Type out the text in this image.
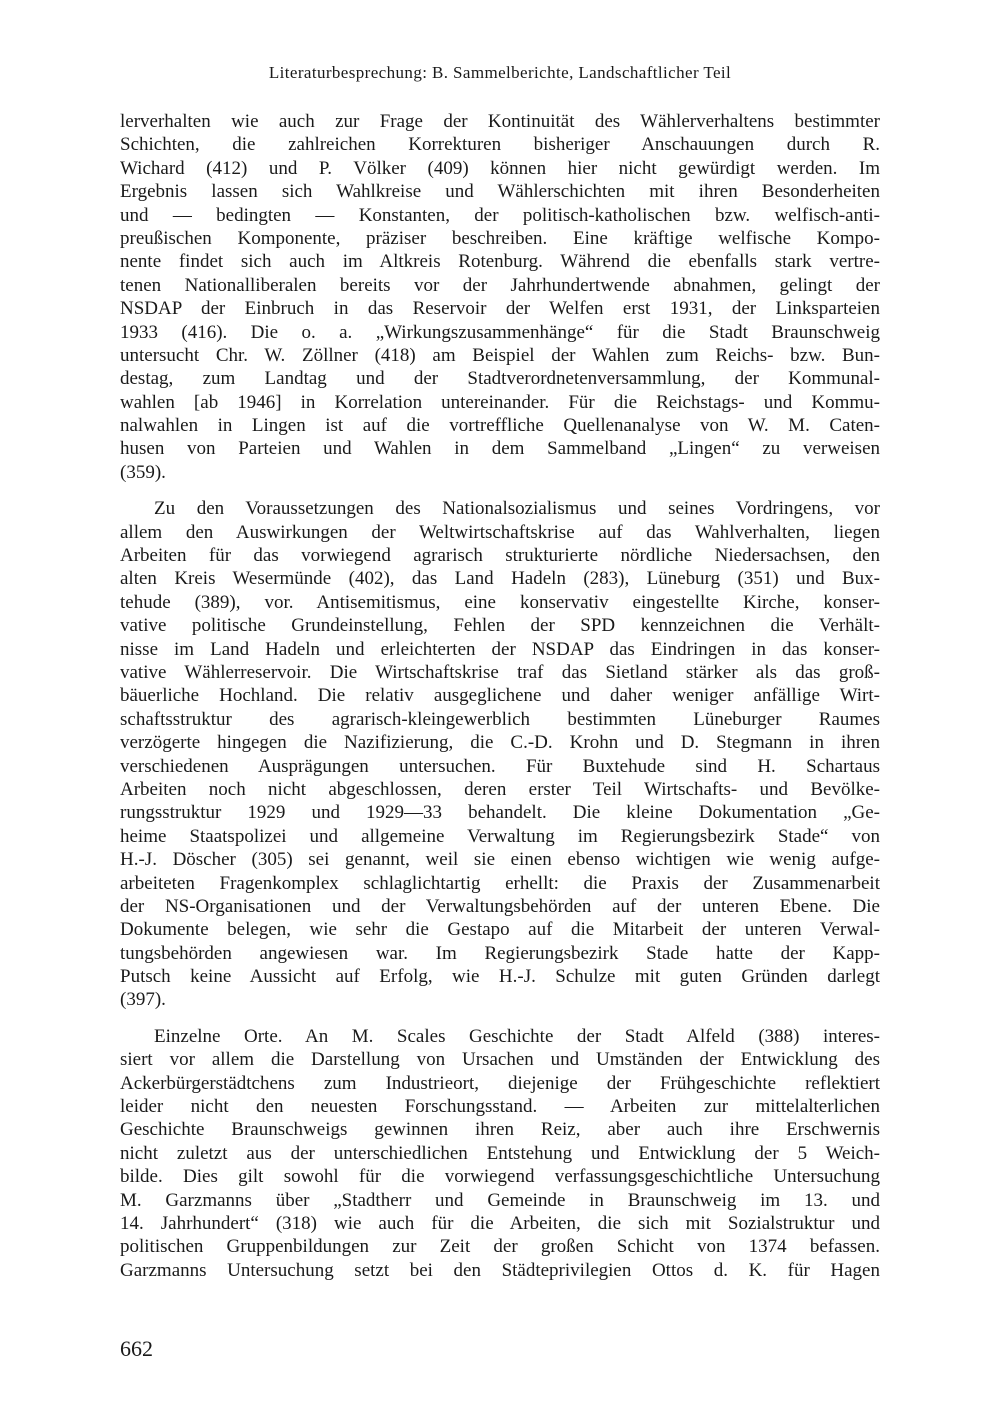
Literaturbesprechung: B. Sammelberichte, Landschaftlicher Teil

lerverhalten wie auch zur Frage der Kontinuität des Wählerverhaltens bestimmter
Schichten, die zahlreichen Korrekturen bisheriger Anschauungen durch R.
Wichard (412) und P. Völker (409) können hier nicht gewürdigt werden. Im
Ergebnis lassen sich Wahlkreise und Wählerschichten mit ihren Besonderheiten
und — bedingten — Konstanten, der politisch-katholischen bzw. welfisch-anti-
preußischen Komponente, präziser beschreiben. Eine kräftige welfische Kompo-
nente findet sich auch im Altkreis Rotenburg. Während die ebenfalls stark vertre-
tenen Nationalliberalen bereits vor der Jahrhundertwende abnahmen, gelingt der
NSDAP der Einbruch in das Reservoir der Welfen erst 1931, der Linksparteien
1933 (416). Die o. a. „Wirkungszusammenhänge“ für die Stadt Braunschweig
untersucht Chr. W. Zöllner (418) am Beispiel der Wahlen zum Reichs- bzw. Bun-
destag, zum Landtag und der Stadtverordnetenversammlung, der Kommunal-
wahlen [ab 1946] in Korrelation untereinander. Für die Reichstags- und Kommu-
nalwahlen in Lingen ist auf die vortreffliche Quellenanalyse von W. M. Caten-
husen von Parteien und Wahlen in dem Sammelband „Lingen“ zu verweisen
(359).

Zu den Voraussetzungen des Nationalsozialismus und seines Vordringens, vor
allem den Auswirkungen der Weltwirtschaftskrise auf das Wahlverhalten, liegen
Arbeiten für das vorwiegend agrarisch strukturierte nördliche Niedersachsen, den
alten Kreis Wesermünde (402), das Land Hadeln (283), Lüneburg (351) und Bux-
tehude (389), vor. Antisemitismus, eine konservativ eingestellte Kirche, konser-
vative politische Grundeinstellung, Fehlen der SPD kennzeichnen die Verhält-
nisse im Land Hadeln und erleichterten der NSDAP das Eindringen in das konser-
vative Wählerreservoir. Die Wirtschaftskrise traf das Sietland stärker als das groß-
bäuerliche Hochland. Die relativ ausgeglichene und daher weniger anfällige Wirt-
schaftsstruktur des agrarisch-kleingewerblich bestimmten Lüneburger Raumes
verzögerte hingegen die Nazifizierung, die C.-D. Krohn und D. Stegmann in ihren
verschiedenen Ausprägungen untersuchen. Für Buxtehude sind H. Schartaus
Arbeiten noch nicht abgeschlossen, deren erster Teil Wirtschafts- und Bevölke-
rungsstruktur 1929 und 1929—33 behandelt. Die kleine Dokumentation „Ge-
heime Staatspolizei und allgemeine Verwaltung im Regierungsbezirk Stade“ von
H.-J. Döscher (305) sei genannt, weil sie einen ebenso wichtigen wie wenig aufge-
arbeiteten Fragenkomplex schlaglichtartig erhellt: die Praxis der Zusammenarbeit
der NS-Organisationen und der Verwaltungsbehörden auf der unteren Ebene. Die
Dokumente belegen, wie sehr die Gestapo auf die Mitarbeit der unteren Verwal-
tungsbehörden angewiesen war. Im Regierungsbezirk Stade hatte der Kapp-
Putsch keine Aussicht auf Erfolg, wie H.-J. Schulze mit guten Gründen darlegt
(397).

Einzelne Orte. An M. Scales Geschichte der Stadt Alfeld (388) interes-
siert vor allem die Darstellung von Ursachen und Umständen der Entwicklung des
Ackerbürgerstädtchens zum Industrieort, diejenige der Frühgeschichte reflektiert
leider nicht den neuesten Forschungsstand. — Arbeiten zur mittelalterlichen
Geschichte Braunschweigs gewinnen ihren Reiz, aber auch ihre Erschwernis
nicht zuletzt aus der unterschiedlichen Entstehung und Entwicklung der 5 Weich-
bilde. Dies gilt sowohl für die vorwiegend verfassungsgeschichtliche Untersuchung
M. Garzmanns über „Stadtherr und Gemeinde in Braunschweig im 13. und
14. Jahrhundert“ (318) wie auch für die Arbeiten, die sich mit Sozialstruktur und
politischen Gruppenbildungen zur Zeit der großen Schicht von 1374 befassen.
Garzmanns Untersuchung setzt bei den Städteprivilegien Ottos d. K. für Hagen

662
